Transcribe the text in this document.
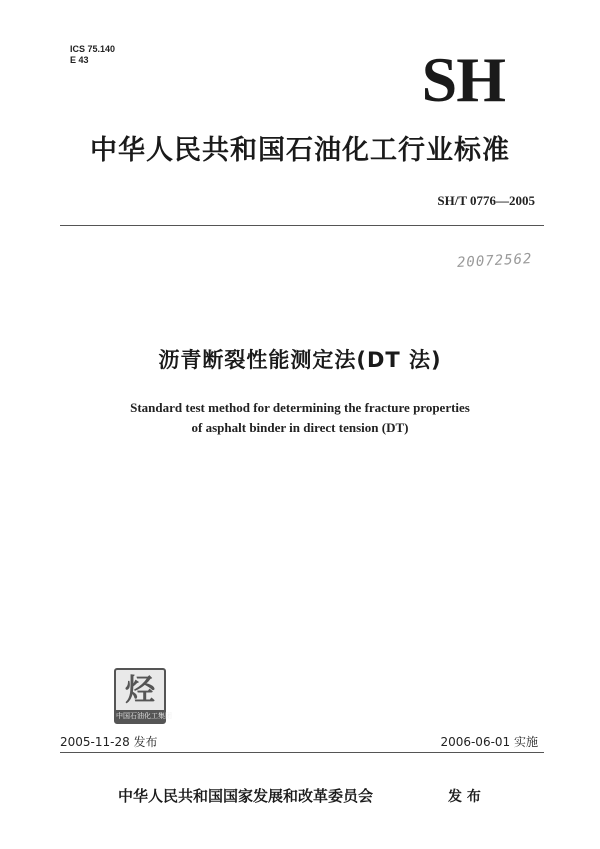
ICS 75.140
E 43	SH
中华人民共和国石油化工行业标准
SH/T 0776—2005
20072562
沥青断裂性能测定法(DT 法)
Standard test method for determining the fracture properties
of asphalt binder in direct tension (DT)
烃
中国石油化工集团
2005-11-28 发布	2006-06-01 实施
中华人民共和国国家发展和改革委员会	发 布
